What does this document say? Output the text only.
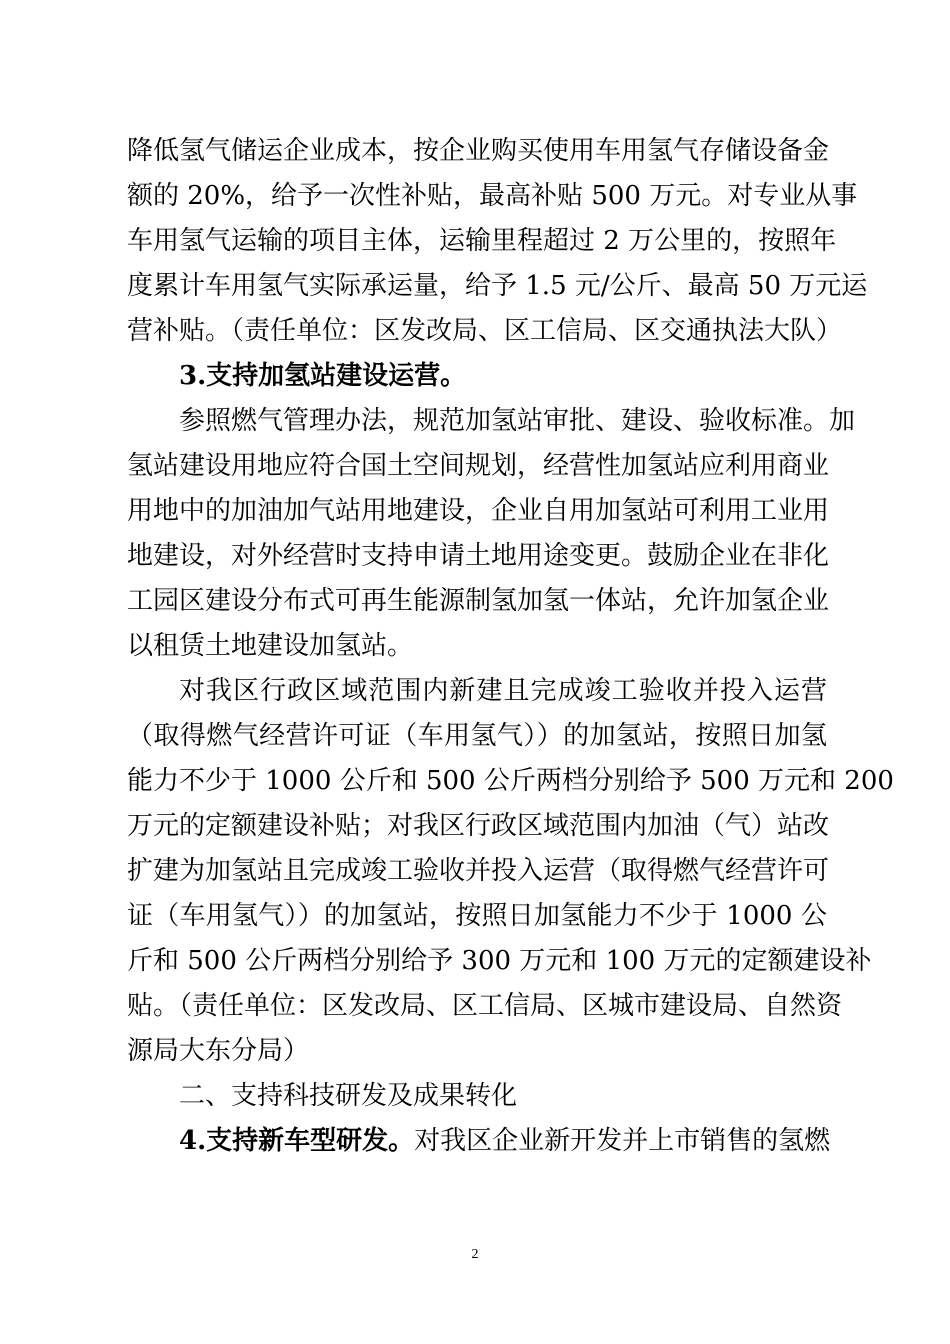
降低氢气储运企业成本，按企业购买使用车用氢气存储设备金
额的 20%，给予一次性补贴，最高补贴 500 万元。对专业从事
车用氢气运输的项目主体，运输里程超过 2 万公里的，按照年
度累计车用氢气实际承运量，给予 1.5 元/公斤、最高 50 万元运
营补贴。（责任单位：区发改局、区工信局、区交通执法大队）
3.支持加氢站建设运营。
参照燃气管理办法，规范加氢站审批、建设、验收标准。加
氢站建设用地应符合国土空间规划，经营性加氢站应利用商业
用地中的加油加气站用地建设，企业自用加氢站可利用工业用
地建设，对外经营时支持申请土地用途变更。鼓励企业在非化
工园区建设分布式可再生能源制氢加氢一体站，允许加氢企业
以租赁土地建设加氢站。
对我区行政区域范围内新建且完成竣工验收并投入运营
（取得燃气经营许可证（车用氢气））的加氢站，按照日加氢
能力不少于 1000 公斤和 500 公斤两档分别给予 500 万元和 200
万元的定额建设补贴；对我区行政区域范围内加油（气）站改
扩建为加氢站且完成竣工验收并投入运营（取得燃气经营许可
证（车用氢气））的加氢站，按照日加氢能力不少于 1000 公
斤和 500 公斤两档分别给予 300 万元和 100 万元的定额建设补
贴。（责任单位：区发改局、区工信局、区城市建设局、自然资
源局大东分局）
二、支持科技研发及成果转化
4.支持新车型研发。对我区企业新开发并上市销售的氢燃
2
